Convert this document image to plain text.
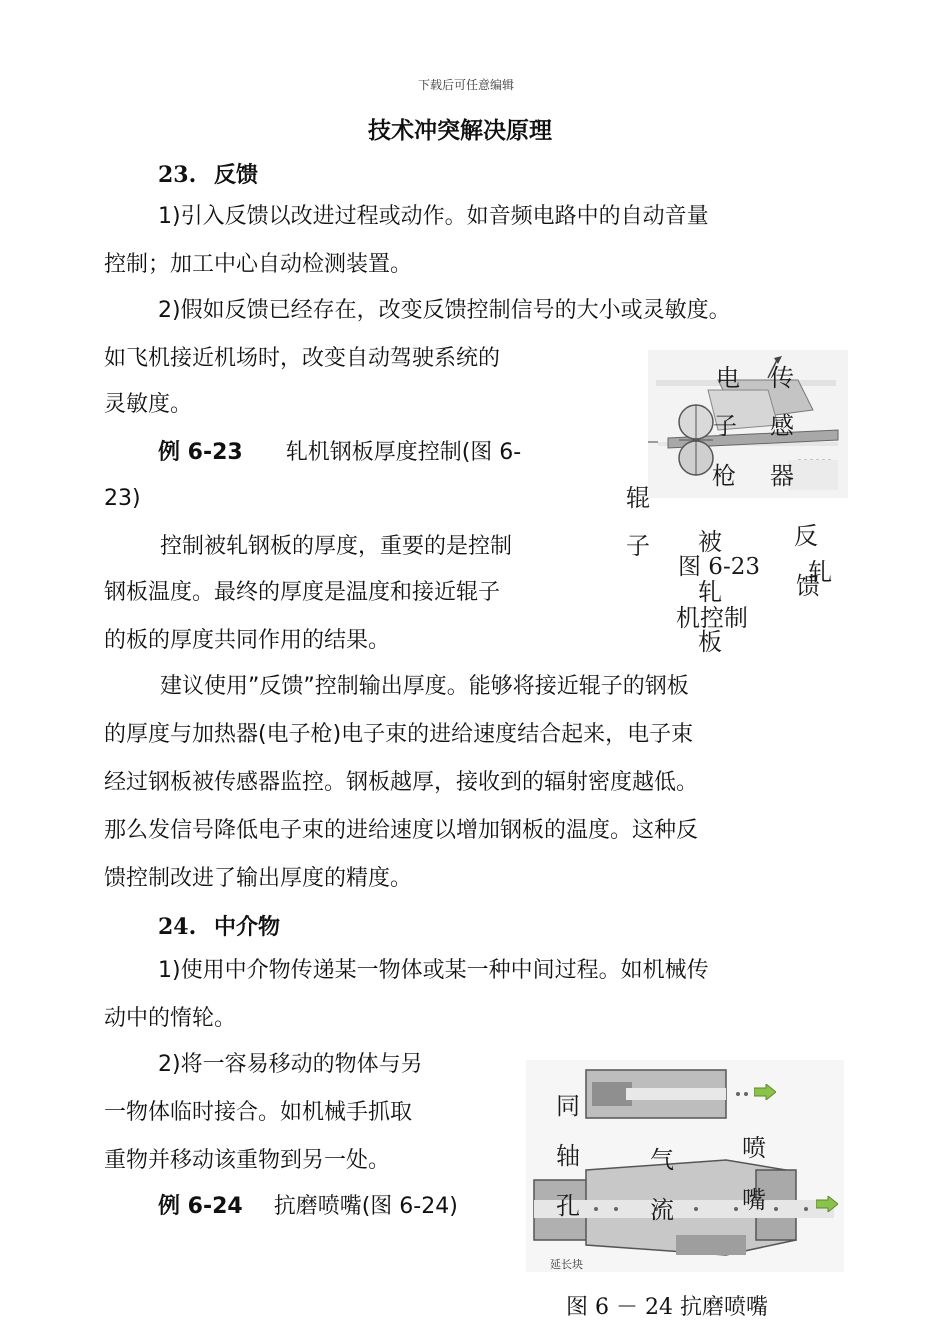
下载后可任意编辑
技术冲突解决原理
23. 反馈
1)引入反馈以改进过程或动作。如音频电路中的自动音量
控制；加工中心自动检测装置。
2)假如反馈已经存在，改变反馈控制信号的大小或灵敏度。
如飞机接近机场时，改变自动驾驶系统的
灵敏度。
例 6-23 轧机钢板厚度控制(图 6-
23)
控制被轧钢板的厚度，重要的是控制
钢板温度。最终的厚度是温度和接近辊子
的板的厚度共同作用的结果。
建议使用”反馈”控制输出厚度。能够将接近辊子的钢板
的厚度与加热器(电子枪)电子束的进给速度结合起来，电子束
经过钢板被传感器监控。钢板越厚，接收到的辐射密度越低。
那么发信号降低电子束的进给速度以增加钢板的温度。这种反
馈控制改进了输出厚度的精度。
电
子
枪
传
感
器
辊
子 被	反
轧
馈
图 6-23
轧
机控制
板
24. 中介物
1)使用中介物传递某一物体或某一种中间过程。如机械传
动中的惰轮。
2)将一容易移动的物体与另
一物体临时接合。如机械手抓取
重物并移动该重物到另一处。
例 6-24 抗磨喷嘴(图 6-24)
延长块
同
轴
孔
气
流
喷
嘴
图 6 － 24 抗磨喷嘴
